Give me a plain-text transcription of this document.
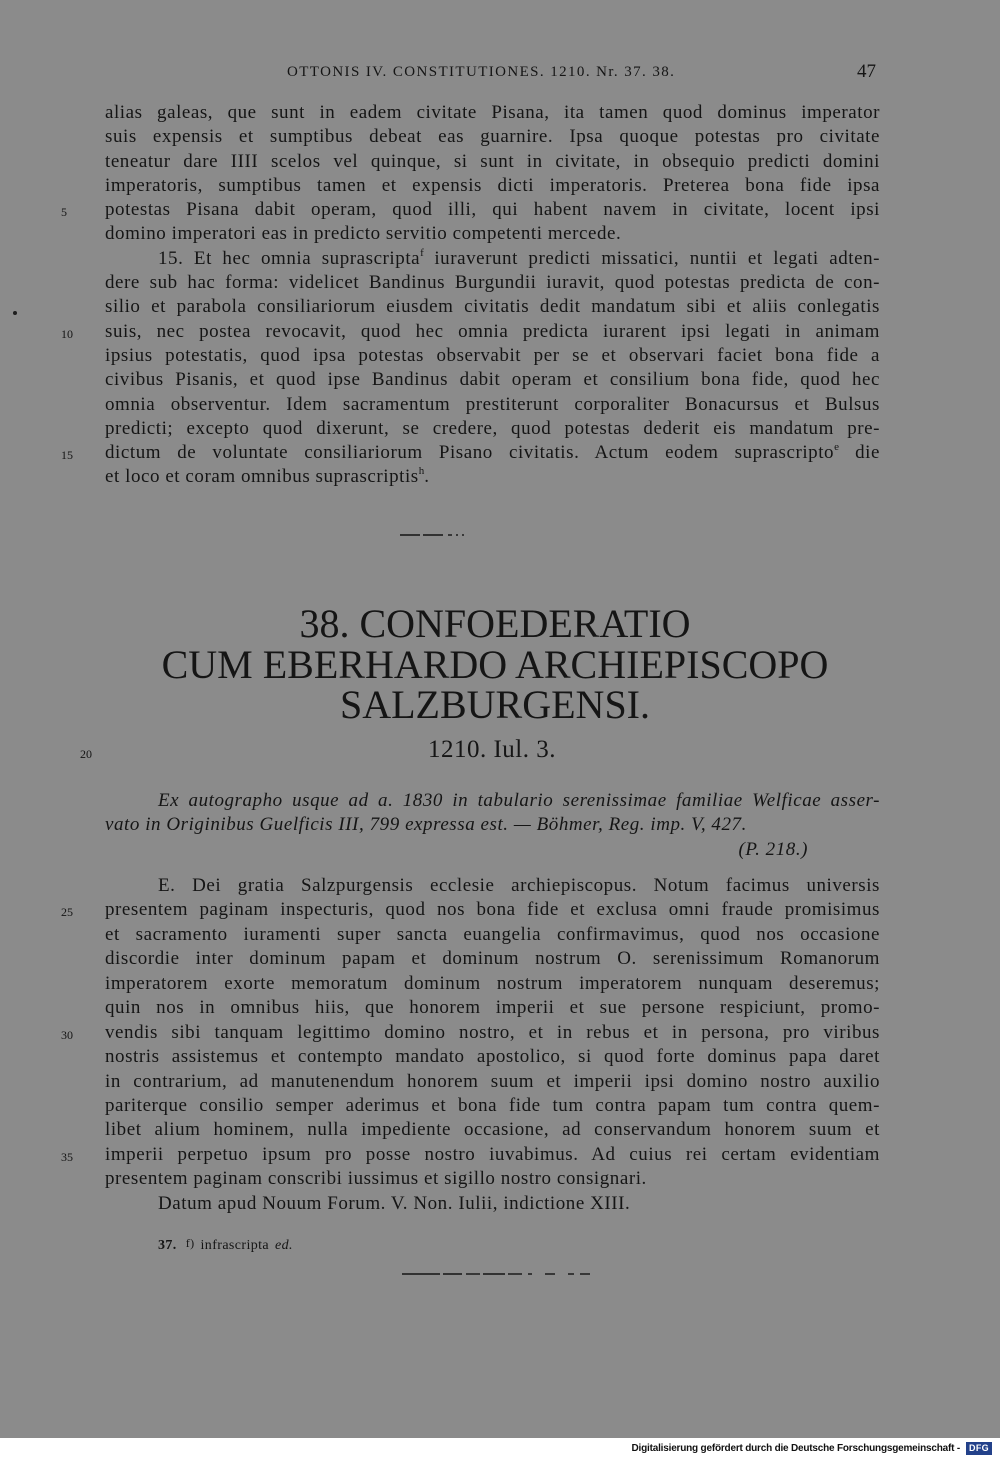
OTTONIS IV. CONSTITUTIONES. 1210. Nr. 37. 38.	47
alias galeas, que sunt in eadem civitate Pisana, ita tamen quod dominus imperator
suis expensis et sumptibus debeat eas guarnire. Ipsa quoque potestas pro civitate
teneatur dare IIII scelos vel quinque, si sunt in civitate, in obsequio predicti domini
imperatoris, sumptibus tamen et expensis dicti imperatoris. Preterea bona fide ipsa
5	potestas Pisana dabit operam, quod illi, qui habent navem in civitate, locent ipsi
domino imperatori eas in predicto servitio competenti mercede.
15. Et hec omnia suprascripta$^f$ iuraverunt predicti missatici, nuntii et legati adten-
dere sub hac forma: videlicet Bandinus Burgundii iuravit, quod potestas predicta de con-
silio et parabola consiliariorum eiusdem civitatis dedit mandatum sibi et aliis conlegatis
10	suis, nec postea revocavit, quod hec omnia predicta iurarent ipsi legati in animam
ipsius potestatis, quod ipsa potestas observabit per se et observari faciet bona fide a
civibus Pisanis, et quod ipse Bandinus dabit operam et consilium bona fide, quod hec
omnia observentur. Idem sacramentum prestiterunt corporaliter Bonacursus et Bulsus
predicti; excepto quod dixerunt, se credere, quod potestas dederit eis mandatum pre-
15	dictum de voluntate consiliariorum Pisano civitatis. Actum eodem suprascripto$^e$ die
et loco et coram omnibus suprascriptis$^h$.
38. CONFOEDERATIO
CUM EBERHARDO ARCHIEPISCOPO
SALZBURGENSI.
20	1210. Iul. 3.
Ex autographo usque ad a. 1830 in tabulario serenissimae familiae Welficae asser-
vato in Originibus Guelficis III, 799 expressa est. — Böhmer, Reg. imp. V, 427.
(P. 218.)
E. Dei gratia Salzpurgensis ecclesie archiepiscopus. Notum facimus universis
25	presentem paginam inspecturis, quod nos bona fide et exclusa omni fraude promisimus
et sacramento iuramenti super sancta euangelia confirmavimus, quod nos occasione
discordie inter dominum papam et dominum nostrum O. serenissimum Romanorum
imperatorem exorte memoratum dominum nostrum imperatorem nunquam deseremus;
quin nos in omnibus hiis, que honorem imperii et sue persone respiciunt, promo-
30	vendis sibi tanquam legittimo domino nostro, et in rebus et in persona, pro viribus
nostris assistemus et contempto mandato apostolico, si quod forte dominus papa daret
in contrarium, ad manutenendum honorem suum et imperii ipsi domino nostro auxilio
pariterque consilio semper aderimus et bona fide tum contra papam tum contra quem-
libet alium hominem, nulla impediente occasione, ad conservandum honorem suum et
35	imperii perpetuo ipsum pro posse nostro iuvabimus. Ad cuius rei certam evidentiam
presentem paginam conscribi iussimus et sigillo nostro consignari.
Datum apud Nouum Forum. V. Non. Iulii, indictione XIII.
37. f) infrascripta ed.
Digitalisierung gefördert durch die Deutsche Forschungsgemeinschaft -	DFG
